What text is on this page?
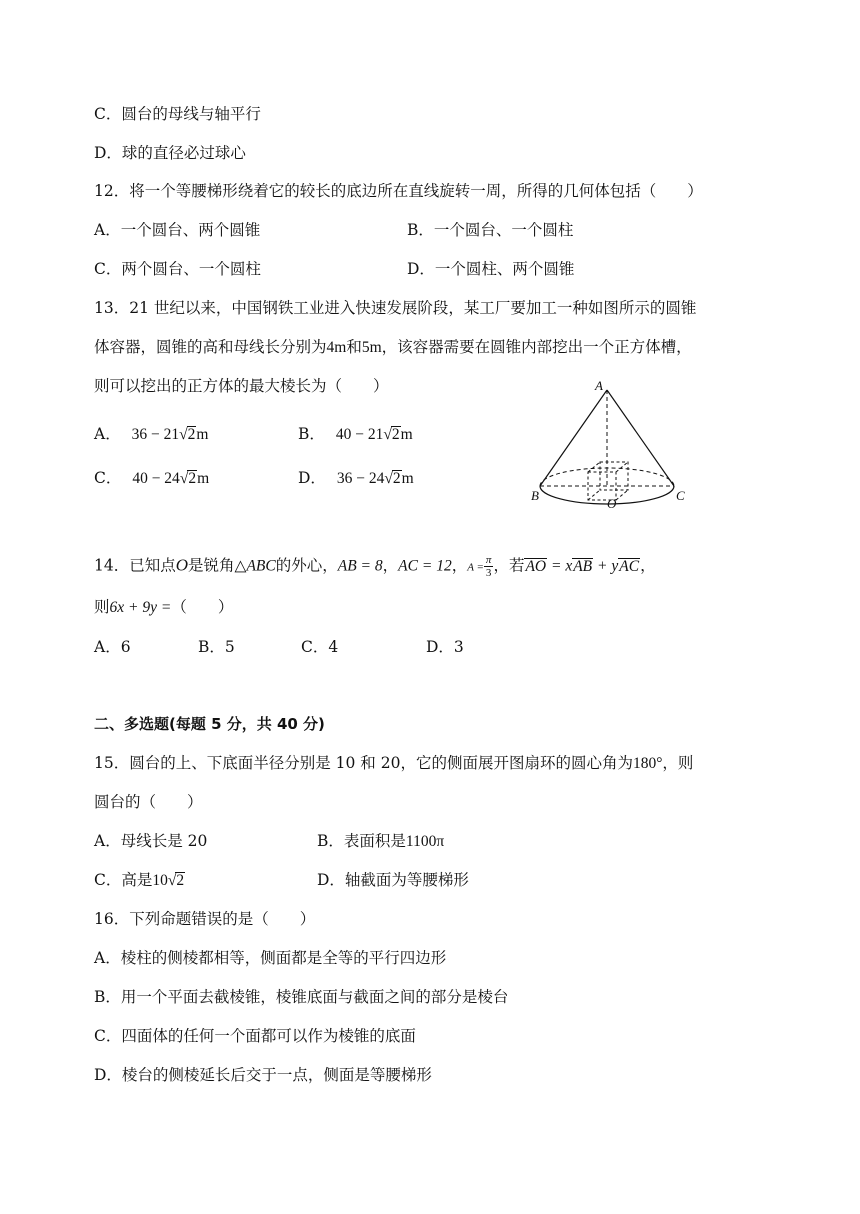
C．圆台的母线与轴平行
D．球的直径必过球心
12．将一个等腰梯形绕着它的较长的底边所在直线旋转一周，所得的几何体包括（　　）
A．一个圆台、两个圆锥	B．一个圆台、一个圆柱
C．两个圆台、一个圆柱	D．一个圆柱、两个圆锥
13．21 世纪以来，中国钢铁工业进入快速发展阶段，某工厂要加工一种如图所示的圆锥
体容器，圆锥的高和母线长分别为4m和5m，该容器需要在圆锥内部挖出一个正方体槽，
则可以挖出的正方体的最大棱长为（　　）
A． 36 − 21√2m	B． 40 − 21√2m
C． 40 − 24√2m	D． 36 − 24√2m
A
B	C
O
14．已知点O是锐角△ABC的外心，AB = 8，AC = 12，$A = \frac{\pi}{3}$ ，若AO = xAB + yAC，
则6x + 9y =（　　）
A．6	B．5	C．4	D．3
二、多选题(每题 5 分，共 40 分)
15．圆台的上、下底面半径分别是 10 和 20，它的侧面展开图扇环的圆心角为180°，则
圆台的（　　）
A．母线长是 20	B．表面积是1100π
C．高是10√2	D．轴截面为等腰梯形
16．下列命题错误的是（　　）
A．棱柱的侧棱都相等，侧面都是全等的平行四边形
B．用一个平面去截棱锥，棱锥底面与截面之间的部分是棱台
C．四面体的任何一个面都可以作为棱锥的底面
D．棱台的侧棱延长后交于一点，侧面是等腰梯形
